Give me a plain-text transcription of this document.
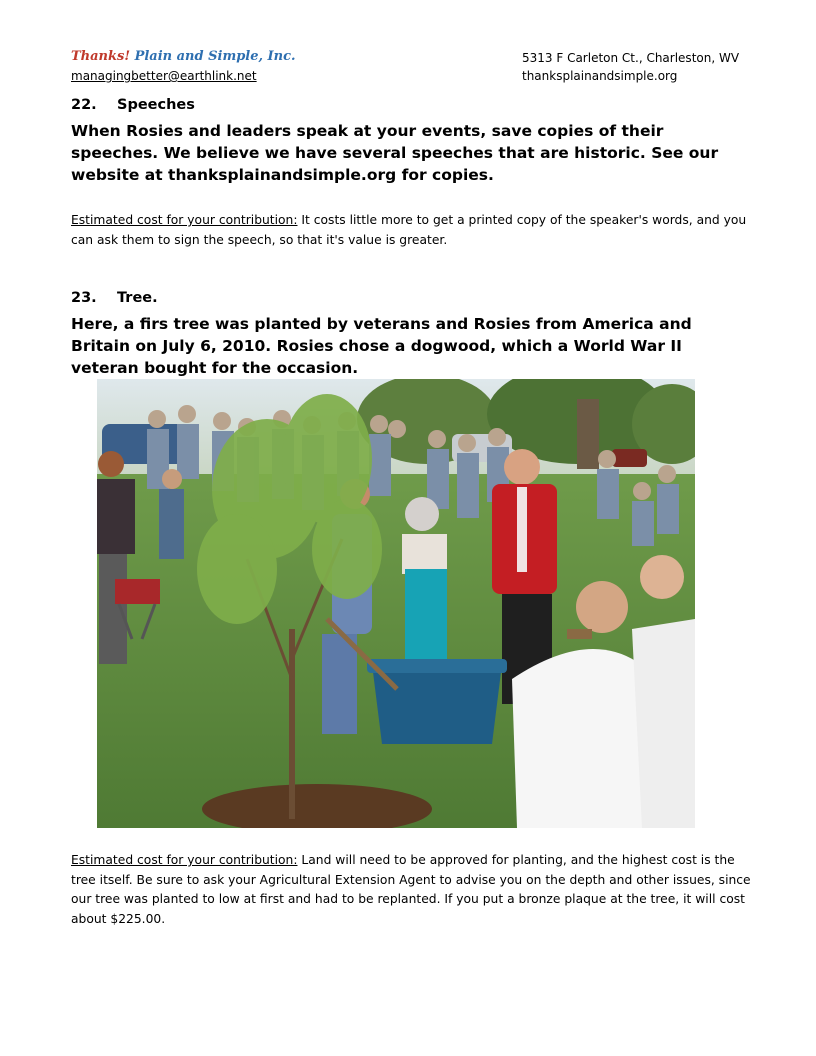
Thanks! Plain and Simple, Inc.
managingbetter@earthlink.net
5313 F Carleton Ct., Charleston, WV
thanksplainandsimple.org
22. Speeches
When Rosies and leaders speak at your events, save copies of their speeches. We believe we have several speeches that are historic. See our website at thanksplainandsimple.org for copies.
Estimated cost for your contribution: It costs little more to get a printed copy of the speaker's words, and you can ask them to sign the speech, so that it's value is greater.
23. Tree.
Here, a firs tree was planted by veterans and Rosies from America and Britain on July 6, 2010. Rosies chose a dogwood, which a World War II veteran bought for the occasion.
Estimated cost for your contribution: Land will need to be approved for planting, and the highest cost is the tree itself. Be sure to ask your Agricultural Extension Agent to advise you on the depth and other issues, since our tree was planted to low at first and had to be replanted. If you put a bronze plaque at the tree, it will cost about $225.00.
